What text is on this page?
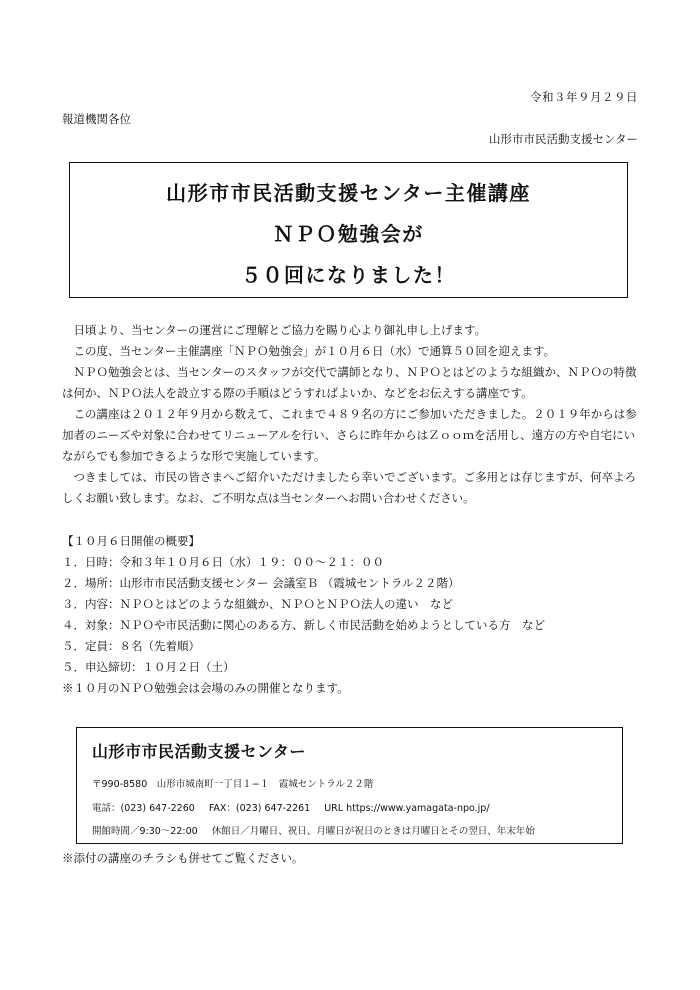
令和３年９月２９日
報道機関各位
山形市市民活動支援センター
山形市市民活動支援センター主催講座
ＮＰＯ勉強会が
５０回になりました！

日頃より、当センターの運営にご理解とご協力を賜り心より御礼申し上げます。

この度、当センター主催講座「ＮＰＯ勉強会」が１０月６日（水）で通算５０回を迎えます。

ＮＰＯ勉強会とは、当センターのスタッフが交代で講師となり、ＮＰＯとはどのような組織か、ＮＰＯの特徴は何か、ＮＰＯ法人を設立する際の手順はどうすればよいか、などをお伝えする講座です。

この講座は２０１２年９月から数えて、これまで４８９名の方にご参加いただきました。２０１９年からは参加者のニーズや対象に合わせてリニューアルを行い、さらに昨年からはＺｏｏｍを活用し、遠方の方や自宅にいながらでも参加できるような形で実施しています。

つきましては、市民の皆さまへご紹介いただけましたら幸いでございます。ご多用とは存じますが、何卒よろしくお願い致します。なお、ご不明な点は当センターへお問い合わせください。

【１０月６日開催の概要】
１．日時：令和３年１０月６日（水）１９：００～２１：００
２．場所：山形市市民活動支援センター 会議室Ｂ （霞城セントラル２２階）
３．内容：ＮＰＯとはどのような組織か、ＮＰＯとＮＰＯ法人の違い　など
４．対象：ＮＰＯや市民活動に関心のある方、新しく市民活動を始めようとしている方　など
５．定員：８名（先着順）
５．申込締切：１０月２日（土）
※１０月のＮＰＯ勉強会は会場のみの開催となります。
山形市市民活動支援センター
〒990-8580　山形市城南町一丁目１−１　霞城セントラル２２階
電話：(023) 647-2260 FAX：(023) 647-2261 URL https://www.yamagata-npo.jp/
開館時間／9:30～22:00 休館日／月曜日、祝日、月曜日が祝日のときは月曜日とその翌日、年末年始
※添付の講座のチラシも併せてご覧ください。
